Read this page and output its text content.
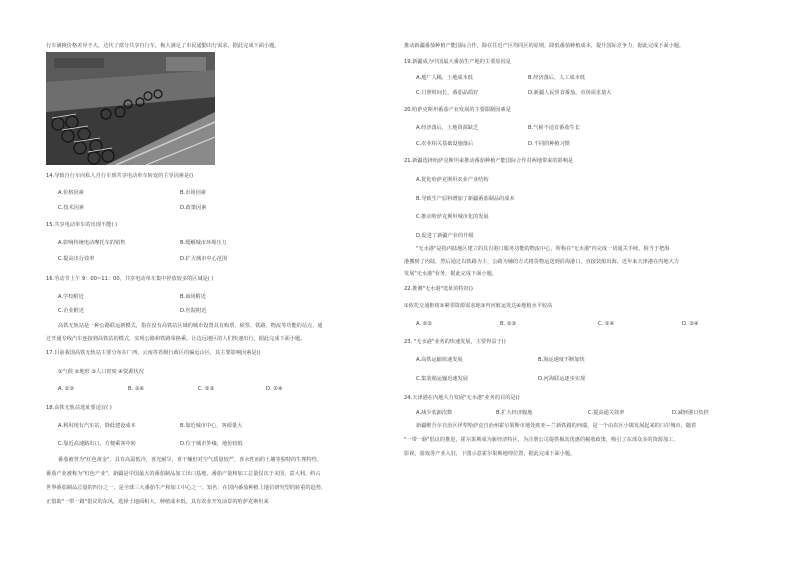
行车满换价格差异不大，达代了部分共享自行车，极大满足了市民通勤出行需求，据此完成下面小题。
14.导致自行车向私人自行车到共享电动单车转变的主导因素是()
A.价格因素	B.市场因素
C.技术因素	D.政策因素
15.共享电动单车的出现不能( )
A.影响传统电动摩托车的销售	B.缓解城市环境压力
C.提高出行效率	D.扩大城市中心范围
16.劳动节上午 9：00~11：00，共享电动单车集中停放较多的区域是( )
A.学校附近	B.商场附近
C.企业附近	D.医院附近
高铁无轨站是一种公路联运新模式，指在没有高铁站区域的城市设置具有购票、候票、铁路、物流等功能的站点，通
过开通专线汽车连接到高铁站的模式，实现公路和铁路零换乘，让边远地区的人们快速出行，据此完成下面小题。
17.目前我国高铁无轨站主要分布在广西，云南等省级行政区的偏远山区，其主要影响因素是()
①气候 ②地形 ③人口密度 ④资源状况
A. ①③	B. ①④	C. ②③	D. ②④
18.高铁无轨站选址要适宜( )
A.利用现有汽车站，降低建设成本	B.靠近城市中心，客源量大
C.靠近高速路出口，方便乘客中转	D.位于城市外缘，地价较低
番茄被誉为"红色黄金"，具有高温低冷，喜光耐旱，喜干燥但对空气质量较严，喜水性而的土壤等独特的生理特性，
番茄产业被称为"红色产业"。新疆是中国最大的番茄制品加工出口基地，番茄产量和加工总量仅次于美国、意大利，约占
世界番茄制品总量的四分之一，是全球三大番茄生产和加工中心之一。知名：在国内番茄种植上地位研究型的转重的趋势，
正借助"一带一路"倡议的东风，选择土地面积大、种植成本低、具有农业开发前景的哈萨克斯坦来
推动新疆番茄种植产能国际合作，除在往近产区均同区的原则，降低番茄种植成本，提升国际竞争力，据此完成下面小题。
19.新疆成为中国最大番茄生产地的主要原因是
A.地广人稀，土地成本低	B.经济落后，人工成本低
C.日照时间长，番茄品质好	D.新疆人民喜食番茄，市场需求量大
20.哈萨克斯坦番茄产业发展的主要限制因素是
A.经济落后，土地资源缺乏	B.气候不适宜番茄生长
C.农业相关基础设施落后	D.不同的种植习惯
21.新疆选择哈萨克斯坦来推动番茄种植产能国际合作对两地带来的影响是
A.优化哈萨克斯坦农业产业结构
B.导致生产原料增加了新疆番茄制品的成本
C.推动哈萨克斯坦城市化的发展
D.促进了新疆产业的升级
"无水港"是指内陆地区建立的具有港口服务功能的物流中心，所称在"无水港"内完成一切通关手续，相当于把海
港搬到了内陆，然后通过以铁路为主、公路为辅的方式将货物运送到沿海港口，直接装船出海。近年来天津港在内地大力
发展"无水港"业务，据此完成下面小题。
22.推测"无水港"选址的特征()
①依托交通枢纽②紧邻资源需求地③内河航运发达④地租水平较高
A. ①②	B. ①③	C. ②④	D. ③④
23. "无水港"业务的快速发展，主要得益于()
A.高铁运输快速发展	B.海运速度不断加快
C.集装箱运输迅速发展	D.河海联运逐步实现
24.天津港在内地大力发展"无水港"业务的目的是()
A.减少装卸次数	B.扩大经济腹地	C.提高通关效率	D.减轻港口负担
新疆维吾尔自治区伊犁哈萨克自治州霍尔果斯市地处欧亚—兰新铁路的西端，是一个由农区小镇发展起来的口岸城市，随着
"一带一路"倡议的推进，霍尔果斯成为新经济特区，为注册公司提供极其优惠的税收政策，吸引了东部众多的资源加工、
影视、游戏等产业入驻，下图示意霍尔果斯地理位置，据此完成下面小题。
